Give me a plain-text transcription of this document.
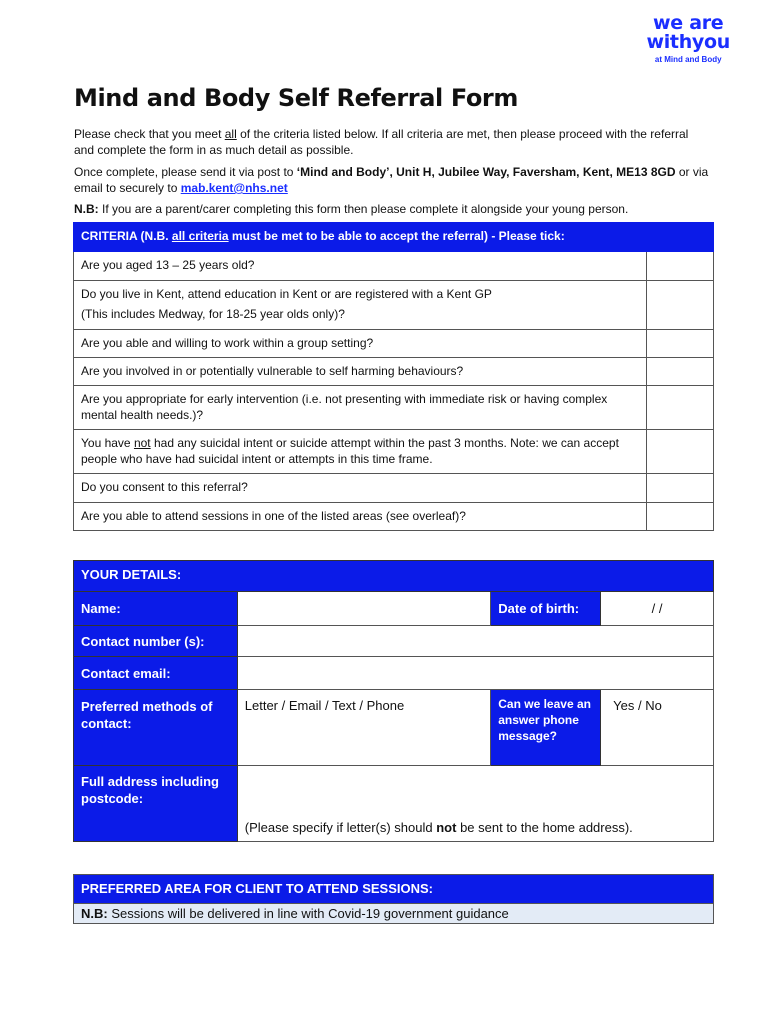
we are
withyou
at Mind and Body
Mind and Body Self Referral Form
Please check that you meet all of the criteria listed below. If all criteria are met, then please proceed with the referral and complete the form in as much detail as possible.
Once complete, please send it via post to ‘Mind and Body’, Unit H, Jubilee Way, Faversham, Kent, ME13 8GD or via email to securely to mab.kent@nhs.net
N.B: If you are a parent/carer completing this form then please complete it alongside your young person.
CRITERIA (N.B. all criteria must be met to be able to accept the referral) - Please tick:	
Are you aged 13 – 25 years old?	

Do you live in Kent, attend education in Kent or are registered with a Kent GP
(This includes Medway, for 18-25 year olds only)?	

Are you able and willing to work within a group setting?	
Are you involved in or potentially vulnerable to self harming behaviours?	
Are you appropriate for early intervention (i.e. not presenting with immediate risk or having complex mental health needs.)?	
You have not had any suicidal intent or suicide attempt within the past 3 months. Note: we can accept people who have had suicidal intent or attempts in this time frame.	
Do you consent to this referral?	
Are you able to attend sessions in one of the listed areas (see overleaf)?	
YOUR DETAILS:			
Name:		Date of birth:	/ /
Contact number (s):			
Contact email:			
Preferred methods of contact:	Letter / Email / Text / Phone	Can we leave an answer phone message?	Yes / No
Full address including postcode:	(Please specify if letter(s) should not be sent to the home address).		
PREFERRED AREA FOR CLIENT TO ATTEND SESSIONS:
N.B: Sessions will be delivered in line with Covid-19 government guidance
